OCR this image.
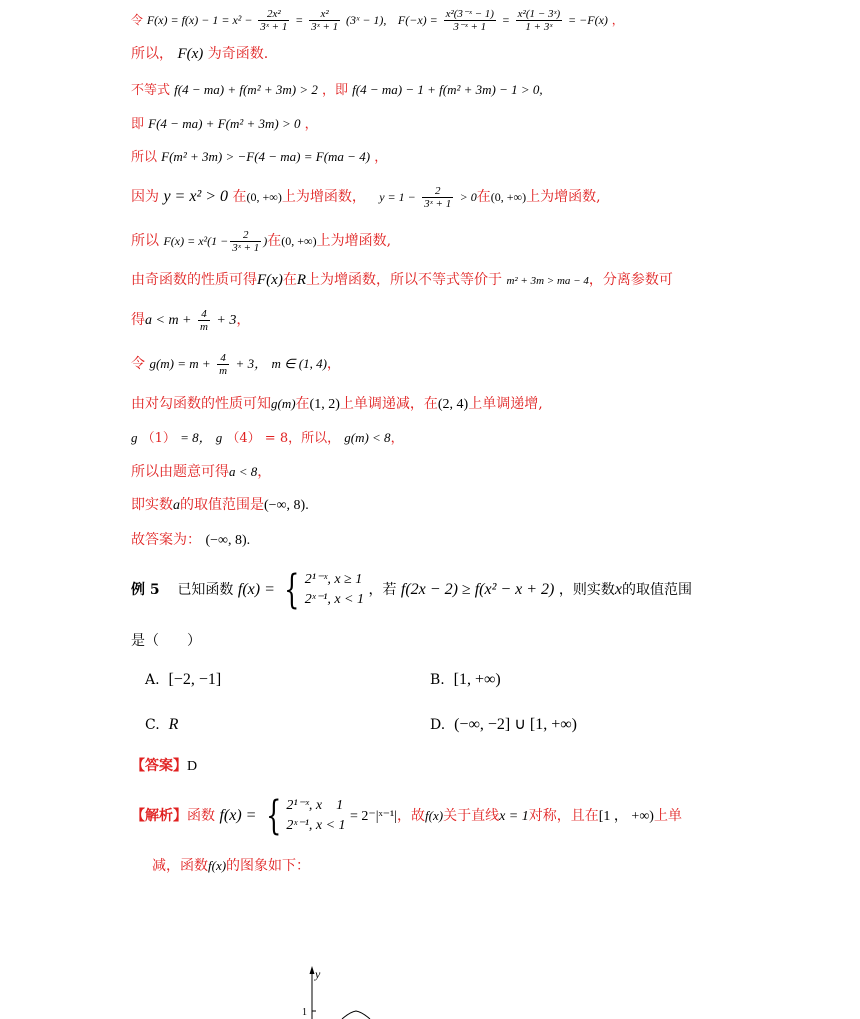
令 $F(x) = f(x) - 1 = x^2 - \frac{\text{2x²}}{\text{3ˣ + 1}} = \frac{\text{x²}}{\text{3ˣ + 1}}$ (3ˣ − 1), $F(-x) = \frac{\text{x²(3⁻ˣ − 1)}}{\text{3⁻ˣ + 1}} = \frac{\text{x²(1 − 3ˣ)}}{\text{1 + 3ˣ}} = -F(x)$ ，
所以， F(x) 为奇函数.
不等式 f(4 − ma) + f(m² + 3m) > 2 ，即 f(4 − ma) − 1 + f(m² + 3m) − 1 > 0,
即 F(4 − ma) + F(m² + 3m) > 0 ，
所以 F(m² + 3m) > −F(4 − ma) = F(ma − 4) ，
因为 y = x² > 0 在(0, +∞)上为增函数， $y = 1 - \frac{2}{\text{3ˣ + 1}} > 0$在(0, +∞)上为增函数,
所以 $F(x) = x^2(1 - \frac{2}{\text{3ˣ + 1}}$ )在(0, +∞)上为增函数,
由奇函数的性质可得F(x)在R上为增函数，所以不等式等价于 m² + 3m > ma − 4，分离参数可
得$a < m + \frac{4}{m} + 3$，
令 $g(m) = m + \frac{4}{m} + 3$， m ∈ (1, 4)，
由对勾函数的性质可知g(m)在(1, 2)上单调递减，在(2, 4)上单调递增,
g （1） = 8， g （4） = 8，所以， g(m) < 8，
所以由题意可得a < 8，
即实数a的取值范围是(−∞, 8).
故答案为： (−∞, 8).
例 5 已知函数 f(x) = { 2¹⁻ˣ, x ≥ 1
2ˣ⁻¹, x < 1
，若 f(2x − 2) ≥ f(x² − x + 2) ，则实数x的取值范围
是（　　）
A. [−2, −1]	B. [1, +∞)
C. R	D. (−∞, −2] ∪ [1, +∞)
【答案】D
【解析】函数 f(x) = { 2¹⁻ˣ, x　1
2ˣ⁻¹, x < 1
= 2⁻|ˣ⁻¹|，故f(x)关于直线x = 1对称，且在[1 ， +∞)上单
减，函数f(x)的图象如下：
y
1
